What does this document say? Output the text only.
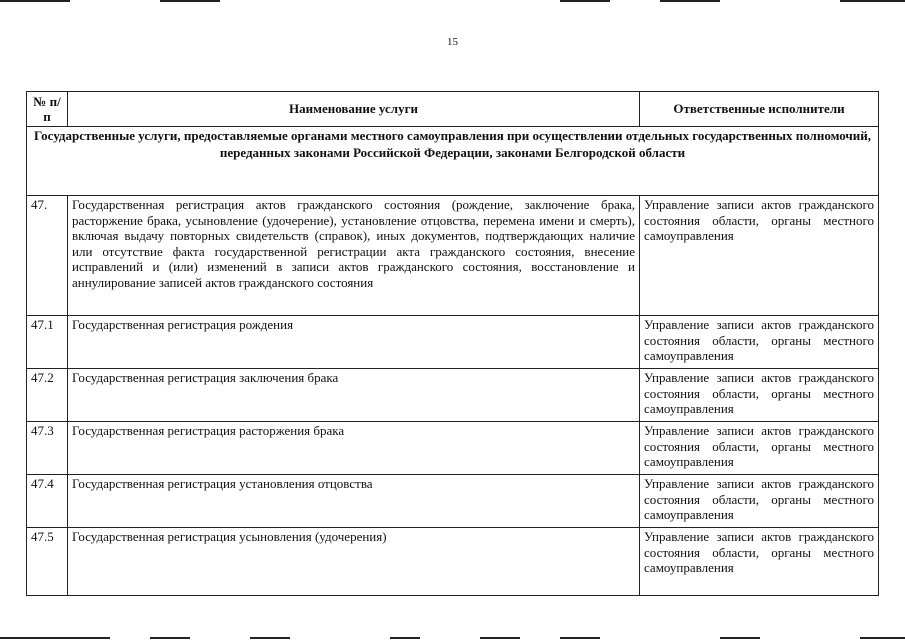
15
№ п/п	Наименование услуги	Ответственные исполнители
Государственные услуги, предоставляемые органами местного самоуправления при осуществлении отдельных государственных полномочий, переданных законами Российской Федерации, законами Белгородской области		
47.	Государственная регистрация актов гражданского состояния (рождение, заключение брака, расторжение брака, усыновление (удочерение), установление отцовства, перемена имени и смерть), включая выдачу повторных свидетельств (справок), иных документов, подтверждающих наличие или отсутствие факта государственной регистрации акта гражданского состояния, внесение исправлений и (или) изменений в записи актов гражданского состояния, восстановление и аннулирование записей актов гражданского состояния	Управление записи актов гражданского состояния области, органы местного самоуправления
47.1	Государственная регистрация рождения	Управление записи актов гражданского состояния области, органы местного самоуправления
47.2	Государственная регистрация заключения брака	Управление записи актов гражданского состояния области, органы местного самоуправления
47.3	Государственная регистрация расторжения брака	Управление записи актов гражданского состояния области, органы местного самоуправления
47.4	Государственная регистрация установления отцовства	Управление записи актов гражданского состояния области, органы местного самоуправления
47.5	Государственная регистрация усыновления (удочерения)	Управление записи актов гражданского состояния области, органы местного самоуправления
